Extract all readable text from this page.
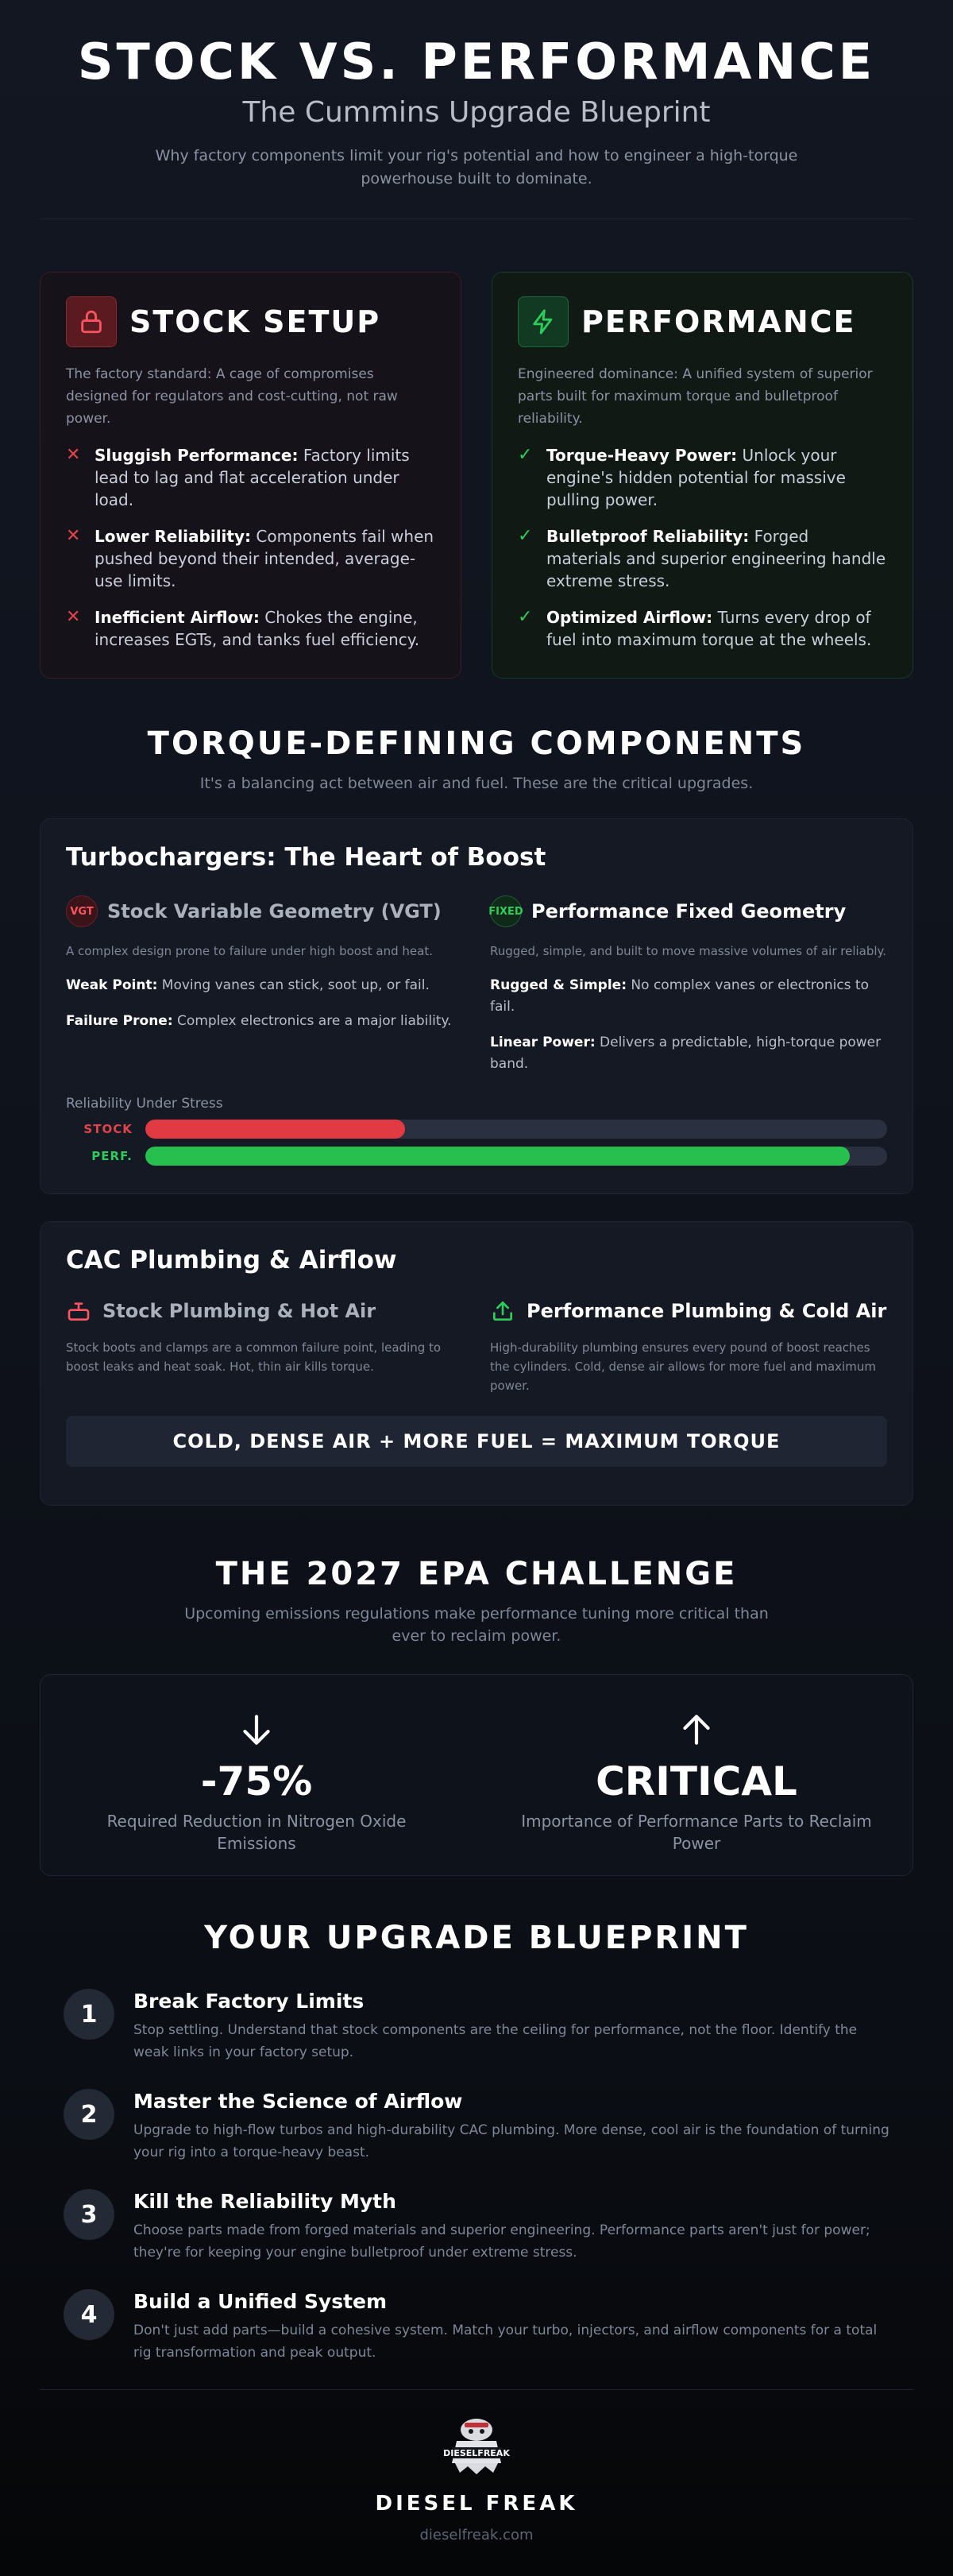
STOCK VS. PERFORMANCE
The Cummins Upgrade Blueprint

Why factory components limit your rig's potential and how to engineer a high-torque powerhouse built to dominate.

STOCK SETUP

The factory standard: A cage of compromises designed for regulators and cost-cutting, not raw power.

✕ Sluggish Performance: Factory limits lead to lag and flat acceleration under load.
✕ Lower Reliability: Components fail when pushed beyond their intended, average-use limits.
✕ Inefficient Airflow: Chokes the engine, increases EGTs, and tanks fuel efficiency.
PERFORMANCE

Engineered dominance: A unified system of superior parts built for maximum torque and bulletproof reliability.

✓ Torque-Heavy Power: Unlock your engine's hidden potential for massive pulling power.
✓ Bulletproof Reliability: Forged materials and superior engineering handle extreme stress.
✓ Optimized Airflow: Turns every drop of fuel into maximum torque at the wheels.
TORQUE-DEFINING COMPONENTS

It's a balancing act between air and fuel. These are the critical upgrades.

Turbochargers: The Heart of Boost
VGT Stock Variable Geometry (VGT)

A complex design prone to failure under high boost and heat.

Weak Point: Moving vanes can stick, soot up, or fail.

Failure Prone: Complex electronics are a major liability.

FIXED Performance Fixed Geometry

Rugged, simple, and built to move massive volumes of air reliably.

Rugged & Simple: No complex vanes or electronics to fail.

Linear Power: Delivers a predictable, high-torque power band.

Reliability Under Stress
STOCK
PERF.
CAC Plumbing & Airflow
Stock Plumbing & Hot Air

Stock boots and clamps are a common failure point, leading to boost leaks and heat soak. Hot, thin air kills torque.

Performance Plumbing & Cold Air

High-durability plumbing ensures every pound of boost reaches the cylinders. Cold, dense air allows for more fuel and maximum power.

COLD, DENSE AIR + MORE FUEL = MAXIMUM TORQUE
THE 2027 EPA CHALLENGE

Upcoming emissions regulations make performance tuning more critical than ever to reclaim power.

-75%
Required Reduction in Nitrogen Oxide Emissions
CRITICAL
Importance of Performance Parts to Reclaim Power
YOUR UPGRADE BLUEPRINT
1	Break Factory Limits
Stop settling. Understand that stock components are the ceiling for performance, not the floor. Identify the weak links in your factory setup.
2	Master the Science of Airflow
Upgrade to high-flow turbos and high-durability CAC plumbing. More dense, cool air is the foundation of turning your rig into a torque-heavy beast.
3	Kill the Reliability Myth
Choose parts made from forged materials and superior engineering. Performance parts aren't just for power; they're for keeping your engine bulletproof under extreme stress.
4	Build a Unified System
Don't just add parts—build a cohesive system. Match your turbo, injectors, and airflow components for a total rig transformation and peak output.
DIESELFREAK
DIESEL FREAK
dieselfreak.com
